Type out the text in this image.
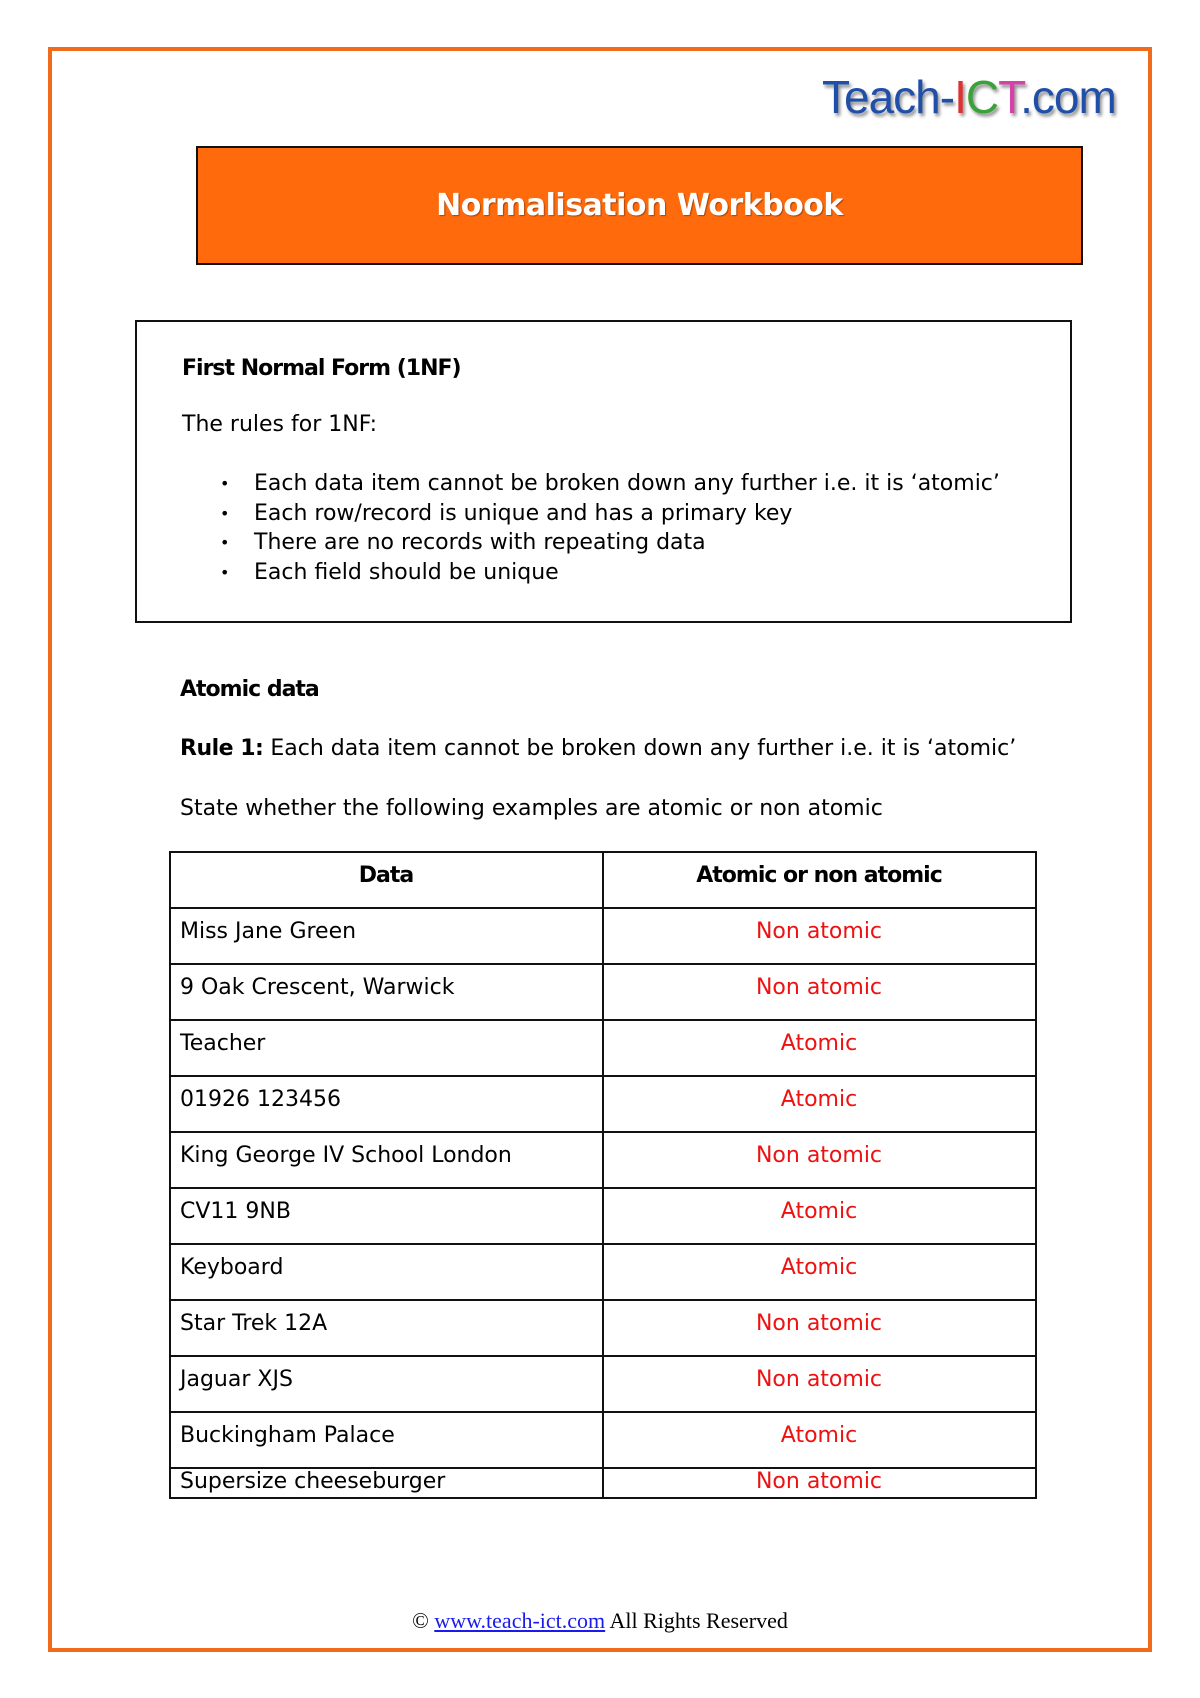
Teach-ICT.com
Normalisation Workbook
First Normal Form (1NF)
The rules for 1NF:
• Each data item cannot be broken down any further i.e. it is ‘atomic’
• Each row/record is unique and has a primary key
• There are no records with repeating data
• Each field should be unique
Atomic data
Rule 1: Each data item cannot be broken down any further i.e. it is ‘atomic’
State whether the following examples are atomic or non atomic
Data	Atomic or non atomic
Miss Jane Green	Non atomic
9 Oak Crescent, Warwick	Non atomic
Teacher	Atomic
01926 123456	Atomic
King George IV School London	Non atomic
CV11 9NB	Atomic
Keyboard	Atomic
Star Trek 12A	Non atomic
Jaguar XJS	Non atomic
Buckingham Palace	Atomic
Supersize cheeseburger	Non atomic
© www.teach-ict.com All Rights Reserved
